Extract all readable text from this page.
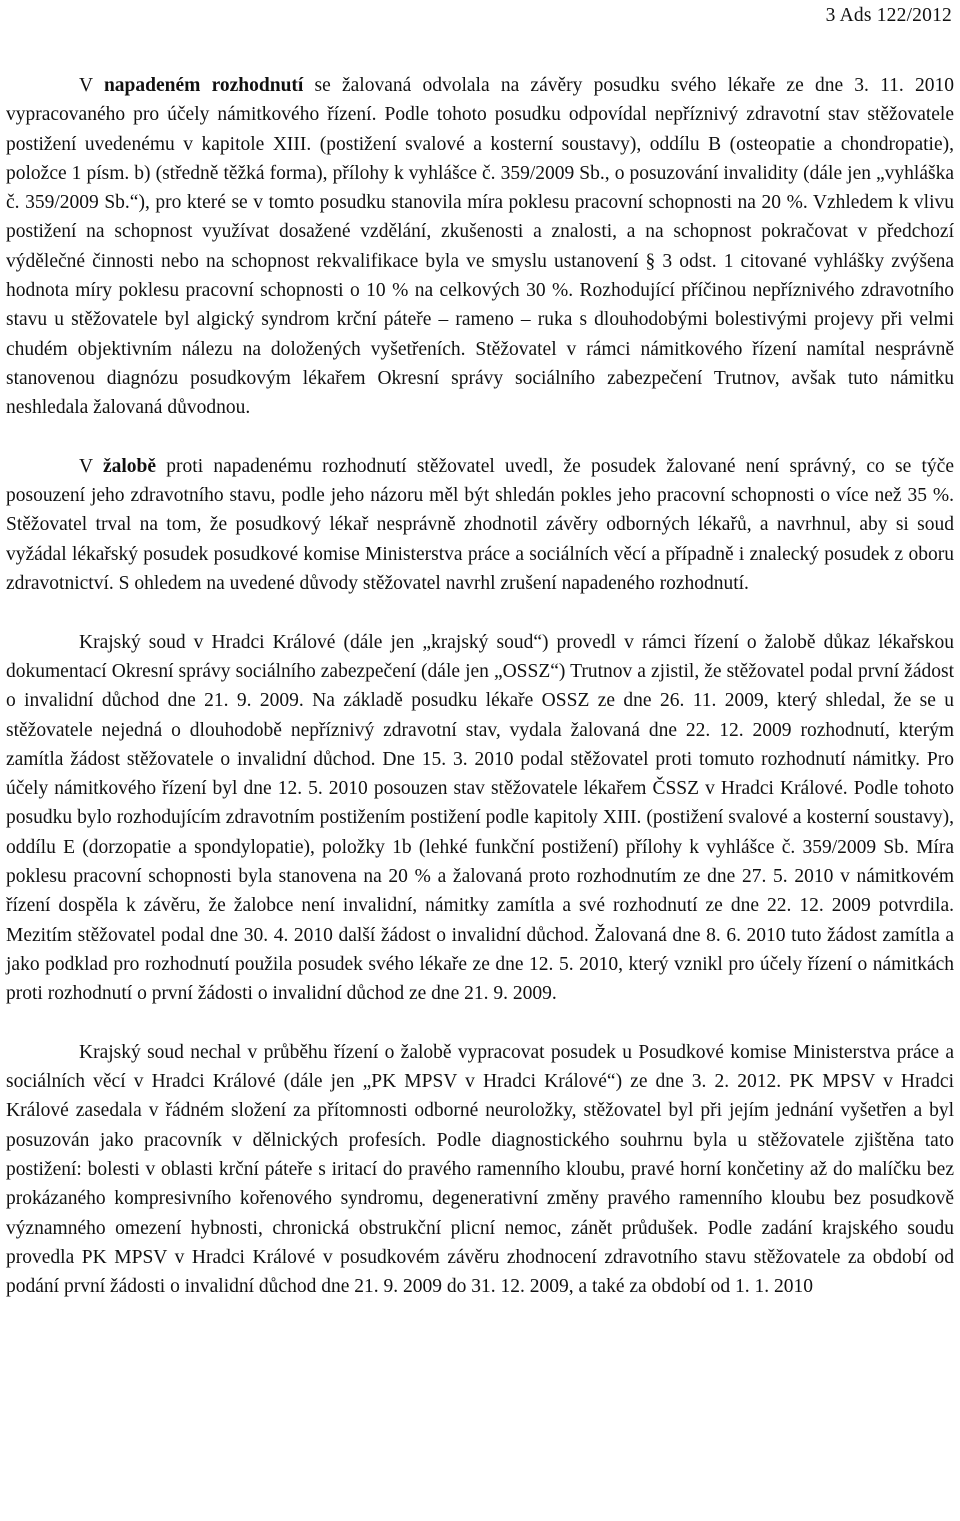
3 Ads 122/2012

V napadeném rozhodnutí se žalovaná odvolala na závěry posudku svého lékaře ze dne 3. 11. 2010 vypracovaného pro účely námitkového řízení. Podle tohoto posudku odpovídal nepříznivý zdravotní stav stěžovatele postižení uvedenému v kapitole XIII. (postižení svalové a kosterní soustavy), oddílu B (osteopatie a chondropatie), položce 1 písm. b) (středně těžká forma), přílohy k vyhlášce č. 359/2009 Sb., o posuzování invalidity (dále jen „vyhláška č. 359/2009 Sb.“), pro které se v tomto posudku stanovila míra poklesu pracovní schopnosti na 20 %. Vzhledem k vlivu postižení na schopnost využívat dosažené vzdělání, zkušenosti a znalosti, a na schopnost pokračovat v předchozí výdělečné činnosti nebo na schopnost rekvalifikace byla ve smyslu ustanovení § 3 odst. 1 citované vyhlášky zvýšena hodnota míry poklesu pracovní schopnosti o 10 % na celkových 30 %. Rozhodující příčinou nepříznivého zdravotního stavu u stěžovatele byl algický syndrom krční páteře – rameno – ruka s dlouhodobými bolestivými projevy při velmi chudém objektivním nálezu na doložených vyšetřeních. Stěžovatel v rámci námitkového řízení namítal nesprávně stanovenou diagnózu posudkovým lékařem Okresní správy sociálního zabezpečení Trutnov, avšak tuto námitku neshledala žalovaná důvodnou.

V žalobě proti napadenému rozhodnutí stěžovatel uvedl, že posudek žalované není správný, co se týče posouzení jeho zdravotního stavu, podle jeho názoru měl být shledán pokles jeho pracovní schopnosti o více než 35 %. Stěžovatel trval na tom, že posudkový lékař nesprávně zhodnotil závěry odborných lékařů, a navrhnul, aby si soud vyžádal lékařský posudek posudkové komise Ministerstva práce a sociálních věcí a případně i znalecký posudek z oboru zdravotnictví. S ohledem na uvedené důvody stěžovatel navrhl zrušení napadeného rozhodnutí.

Krajský soud v Hradci Králové (dále jen „krajský soud“) provedl v rámci řízení o žalobě důkaz lékařskou dokumentací Okresní správy sociálního zabezpečení (dále jen „OSSZ“) Trutnov a zjistil, že stěžovatel podal první žádost o invalidní důchod dne 21. 9. 2009. Na základě posudku lékaře OSSZ ze dne 26. 11. 2009, který shledal, že se u stěžovatele nejedná o dlouhodobě nepříznivý zdravotní stav, vydala žalovaná dne 22. 12. 2009 rozhodnutí, kterým zamítla žádost stěžovatele o invalidní důchod. Dne 15. 3. 2010 podal stěžovatel proti tomuto rozhodnutí námitky. Pro účely námitkového řízení byl dne 12. 5. 2010 posouzen stav stěžovatele lékařem ČSSZ v Hradci Králové. Podle tohoto posudku bylo rozhodujícím zdravotním postižením postižení podle kapitoly XIII. (postižení svalové a kosterní soustavy), oddílu E (dorzopatie a spondylopatie), položky 1b (lehké funkční postižení) přílohy k vyhlášce č. 359/2009 Sb. Míra poklesu pracovní schopnosti byla stanovena na 20 % a žalovaná proto rozhodnutím ze dne 27. 5. 2010 v námitkovém řízení dospěla k závěru, že žalobce není invalidní, námitky zamítla a své rozhodnutí ze dne 22. 12. 2009 potvrdila. Mezitím stěžovatel podal dne 30. 4. 2010 další žádost o invalidní důchod. Žalovaná dne 8. 6. 2010 tuto žádost zamítla a jako podklad pro rozhodnutí použila posudek svého lékaře ze dne 12. 5. 2010, který vznikl pro účely řízení o námitkách proti rozhodnutí o první žádosti o invalidní důchod ze dne 21. 9. 2009.

Krajský soud nechal v průběhu řízení o žalobě vypracovat posudek u Posudkové komise Ministerstva práce a sociálních věcí v Hradci Králové (dále jen „PK MPSV v Hradci Králové“) ze dne 3. 2. 2012. PK MPSV v Hradci Králové zasedala v řádném složení za přítomnosti odborné neuroložky, stěžovatel byl při jejím jednání vyšetřen a byl posuzován jako pracovník v dělnických profesích. Podle diagnostického souhrnu byla u stěžovatele zjištěna tato postižení: bolesti v oblasti krční páteře s iritací do pravého ramenního kloubu, pravé horní končetiny až do malíčku bez prokázaného kompresivního kořenového syndromu, degenerativní změny pravého ramenního kloubu bez posudkově významného omezení hybnosti, chronická obstrukční plicní nemoc, zánět průdušek. Podle zadání krajského soudu provedla PK MPSV v Hradci Králové v posudkovém závěru zhodnocení zdravotního stavu stěžovatele za období od podání první žádosti o invalidní důchod dne 21. 9. 2009 do 31. 12. 2009, a také za období od 1. 1. 2010
